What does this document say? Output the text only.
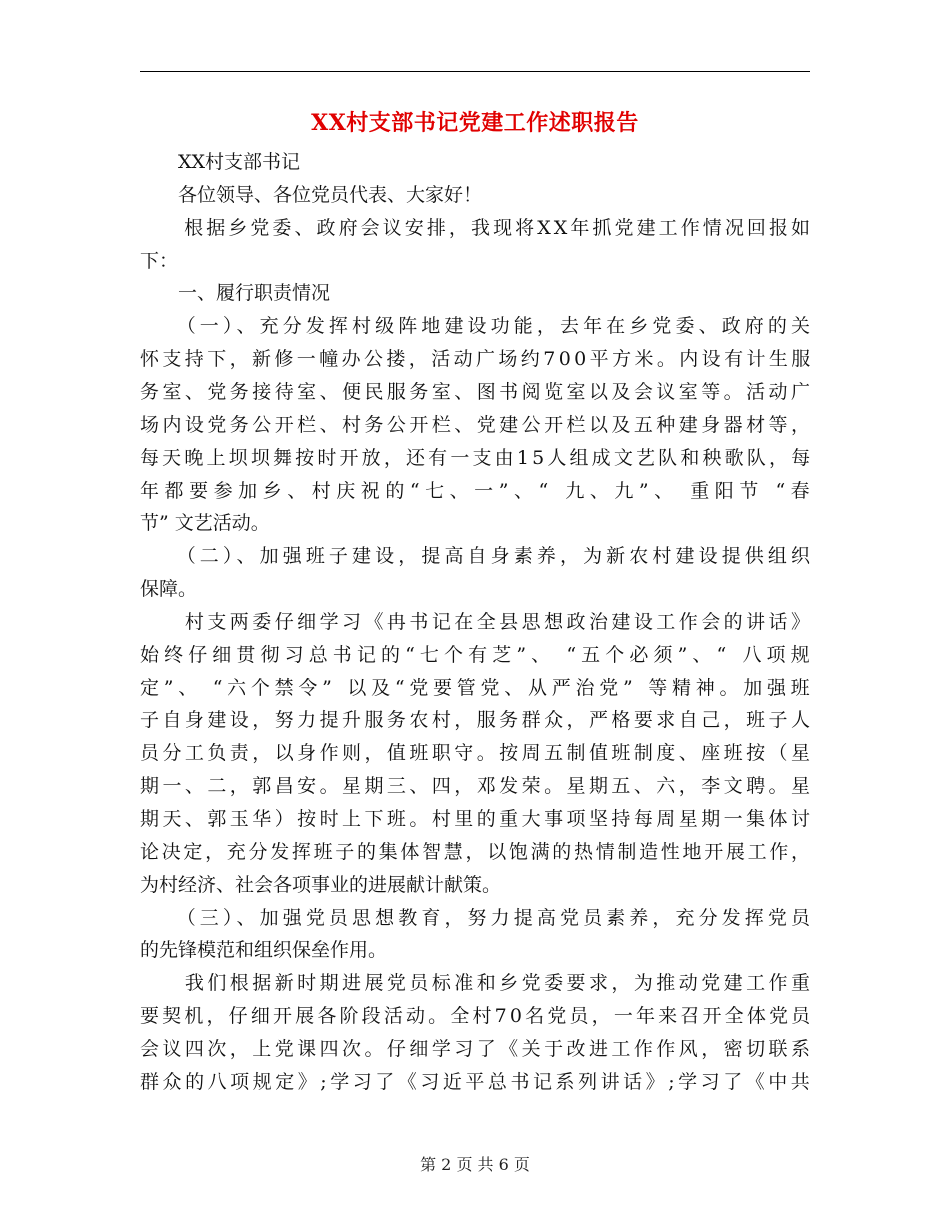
XX村支部书记党建工作述职报告
　　XX村支部书记
　　各位领导、各位党员代表、大家好！
　　根据乡党委、政府会议安排，我现将XX年抓党建工作情况回报如
下：
　　一、履行职责情况
　　（一）、充分发挥村级阵地建设功能，去年在乡党委、政府的关
怀支持下，新修一幢办公搂，活动广场约700平方米。内设有计生服
务室、党务接待室、便民服务室、图书阅览室以及会议室等。活动广
场内设党务公开栏、村务公开栏、党建公开栏以及五种建身器材等，
每天晚上坝坝舞按时开放，还有一支由15人组成文艺队和秧歌队，每
年都要参加乡、村庆祝的“七、一”、“ 九、九”、 重阳节 “春
节” 文艺活动。
　　（二）、加强班子建设，提高自身素养，为新农村建设提供组织
保障。
　　村支两委仔细学习《冉书记在全县思想政治建设工作会的讲话》
始终仔细贯彻习总书记的“七个有芝”、 “五个必须”、“ 八项规
定”、 “六个禁令” 以及“党要管党、从严治党” 等精神。加强班
子自身建设，努力提升服务农村，服务群众，严格要求自己，班子人
员分工负责，以身作则，值班职守。按周五制值班制度、座班按（星
期一、二，郭昌安。星期三、四，邓发荣。星期五、六，李文聘。星
期天、郭玉华）按时上下班。村里的重大事项坚持每周星期一集体讨
论决定，充分发挥班子的集体智慧，以饱满的热情制造性地开展工作，
为村经济、社会各项事业的进展献计献策。
　　（三）、加强党员思想教育，努力提高党员素养，充分发挥党员
的先锋模范和组织保垒作用。
　　我们根据新时期进展党员标准和乡党委要求，为推动党建工作重
要契机，仔细开展各阶段活动。全村70名党员，一年来召开全体党员
会议四次，上党课四次。仔细学习了《关于改进工作作风，密切联系
群众的八项规定》;学习了《习近平总书记系列讲话》;学习了《中共
第 2 页 共 6 页
